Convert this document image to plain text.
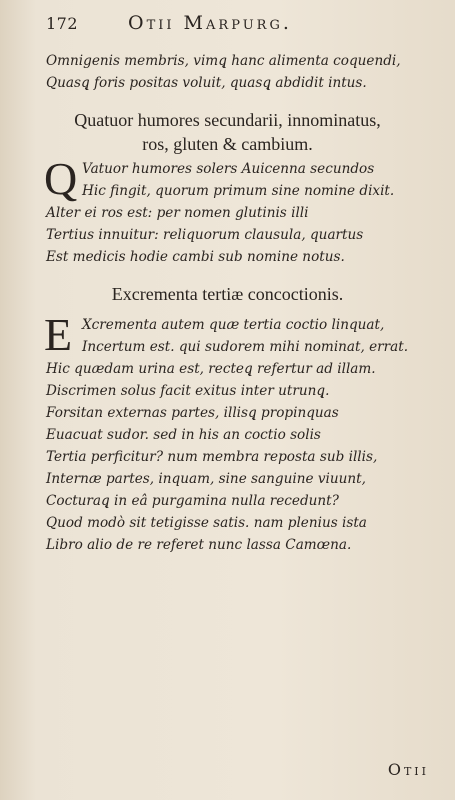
172	Otii Marpurg.
Omnigenis membris, vimq̨ hanc alimenta coquendi,
Quasq̨ foris positas voluit, quasq̨ abdidit intus.
Quatuor humores secundarii, innominatus,
ros, gluten & cambium.
Q Vatuor humores solers Auicenna secundos
Hic fingit, quorum primum sine nomine dixit.
Alter ei ros est: per nomen glutinis illi
Tertius innuitur: reliquorum clausula, quartus
Est medicis hodie cambi sub nomine notus.
Excrementa tertiæ concoctionis.
E Xcrementa autem quæ tertia coctio linquat,
Incertum est. qui sudorem mihi nominat, errat.
Hic quædam urina est, recteq̨ refertur ad illam.
Discrimen solus facit exitus inter utrunq̨.
Forsitan externas partes, illisq̨ propinquas
Euacuat sudor. sed in his an coctio solis
Tertia perficitur? num membra reposta sub illis,
Internæ partes, inquam, sine sanguine viuunt,
Cocturaq̨ in eâ purgamina nulla recedunt?
Quod modò sit tetigisse satis. nam plenius ista
Libro alio de re referet nunc lassa Camœna.
Otii
